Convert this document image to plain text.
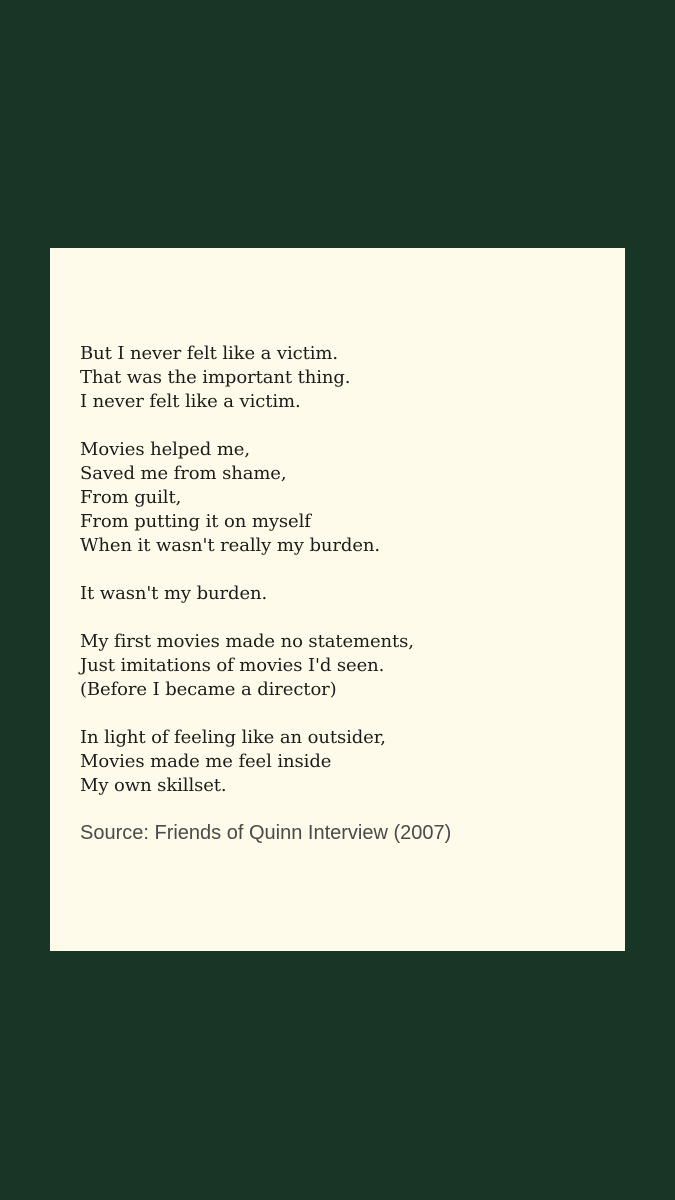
But I never felt like a victim.
That was the important thing.
I never felt like a victim.
Movies helped me,
Saved me from shame,
From guilt,
From putting it on myself
When it wasn't really my burden.
It wasn't my burden.
My first movies made no statements,
Just imitations of movies I'd seen.
(Before I became a director)
In light of feeling like an outsider,
Movies made me feel inside
My own skillset.
Source: Friends of Quinn Interview (2007)
